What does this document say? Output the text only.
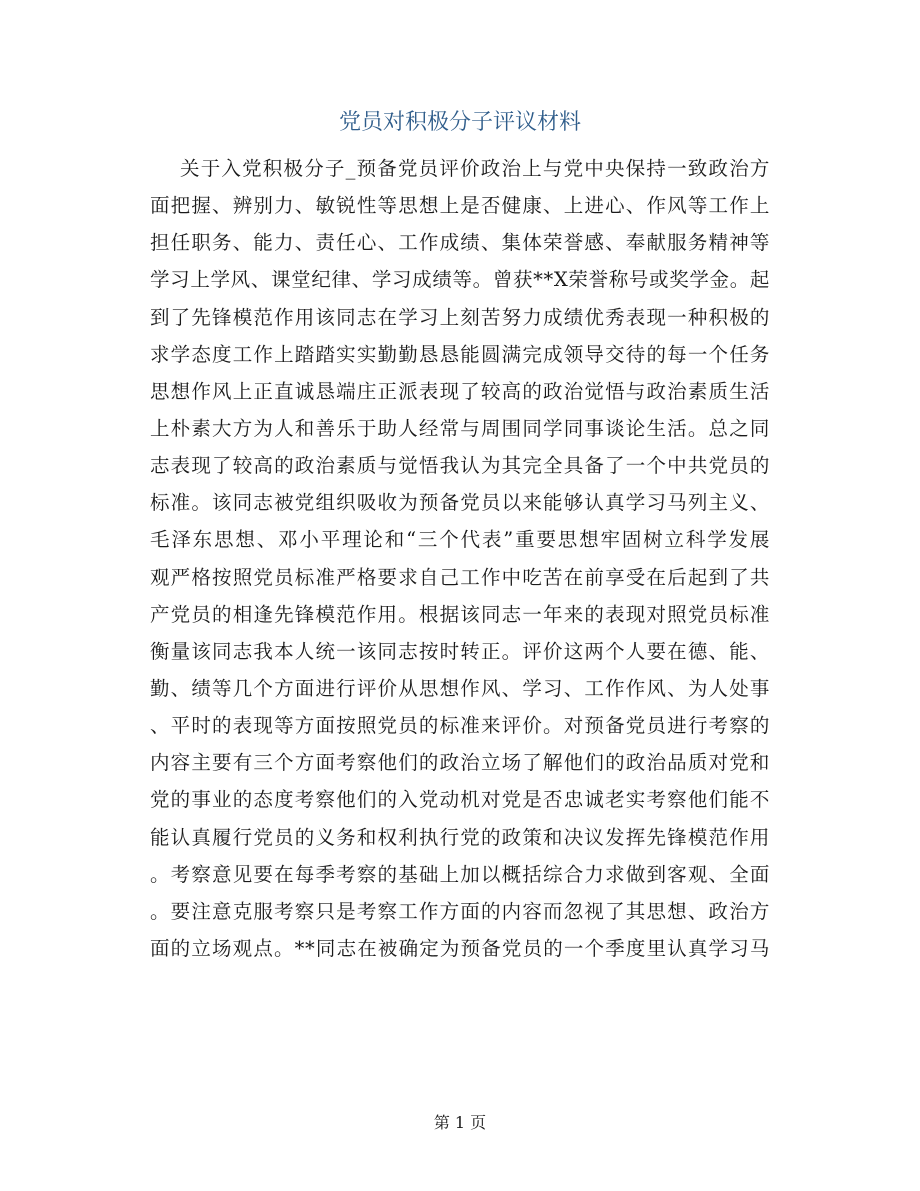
党员对积极分子评议材料
关于入党积极分子_预备党员评价政治上与党中央保持一致政治方
面把握、辨别力、敏锐性等思想上是否健康、上进心、作风等工作上
担任职务、能力、责任心、工作成绩、集体荣誉感、奉献服务精神等
学习上学风、课堂纪律、学习成绩等。曾获**X荣誉称号或奖学金。起
到了先锋模范作用该同志在学习上刻苦努力成绩优秀表现一种积极的
求学态度工作上踏踏实实勤勤恳恳能圆满完成领导交待的每一个任务
思想作风上正直诚恳端庄正派表现了较高的政治觉悟与政治素质生活
上朴素大方为人和善乐于助人经常与周围同学同事谈论生活。总之同
志表现了较高的政治素质与觉悟我认为其完全具备了一个中共党员的
标准。该同志被党组织吸收为预备党员以来能够认真学习马列主义、
毛泽东思想、邓小平理论和“三个代表”重要思想牢固树立科学发展
观严格按照党员标准严格要求自己工作中吃苦在前享受在后起到了共
产党员的相逢先锋模范作用。根据该同志一年来的表现对照党员标准
衡量该同志我本人统一该同志按时转正。评价这两个人要在德、能、
勤、绩等几个方面进行评价从思想作风、学习、工作作风、为人处事
、平时的表现等方面按照党员的标准来评价。对预备党员进行考察的
内容主要有三个方面考察他们的政治立场了解他们的政治品质对党和
党的事业的态度考察他们的入党动机对党是否忠诚老实考察他们能不
能认真履行党员的义务和权利执行党的政策和决议发挥先锋模范作用
。考察意见要在每季考察的基础上加以概括综合力求做到客观、全面
。要注意克服考察只是考察工作方面的内容而忽视了其思想、政治方
面的立场观点。**同志在被确定为预备党员的一个季度里认真学习马
第 1 页
